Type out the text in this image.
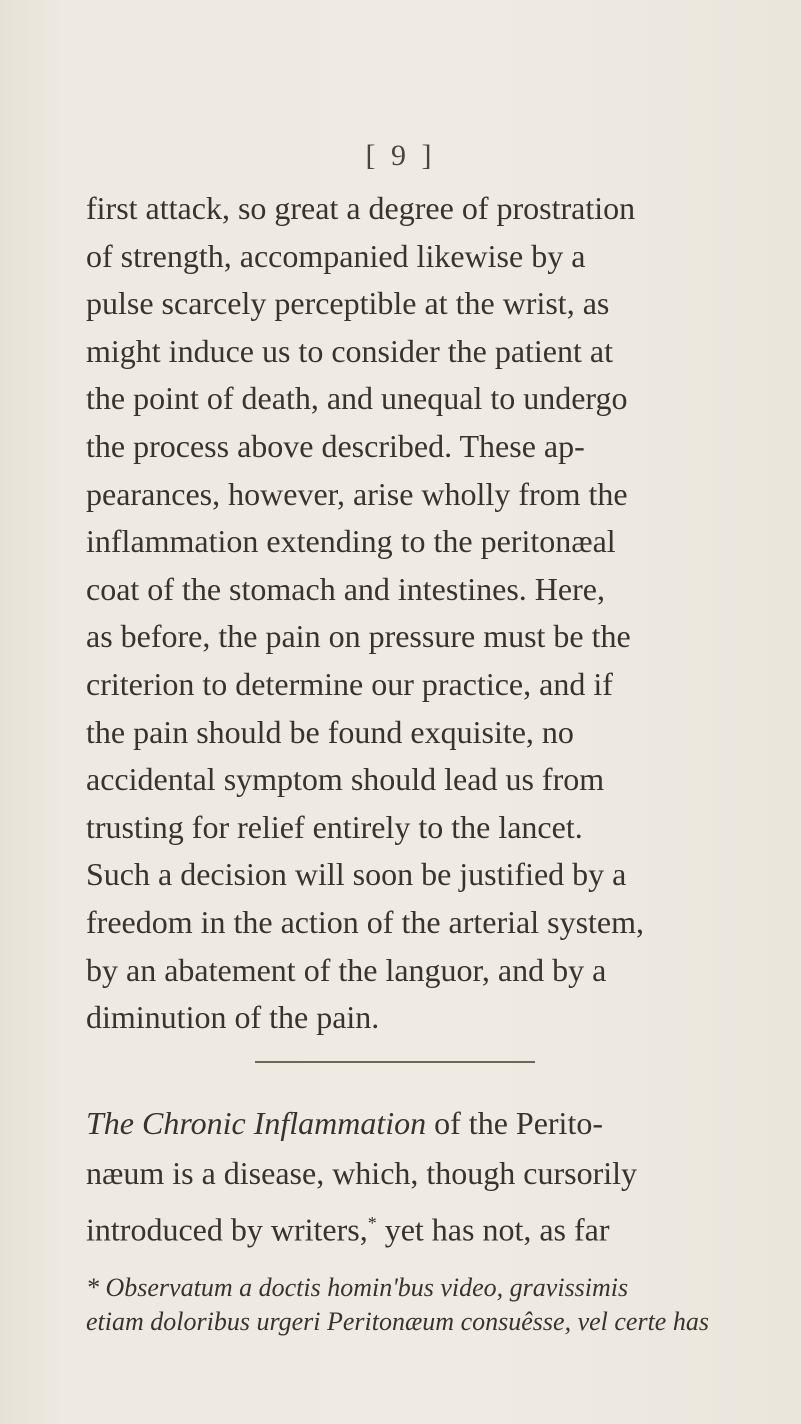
[ 9 ]
first attack, so great a degree of prostration
of strength, accompanied likewise by a
pulse scarcely perceptible at the wrist, as
might induce us to consider the patient at
the point of death, and unequal to undergo
the process above described. These ap-
pearances, however, arise wholly from the
inflammation extending to the peritonæal
coat of the stomach and intestines. Here,
as before, the pain on pressure must be the
criterion to determine our practice, and if
the pain should be found exquisite, no
accidental symptom should lead us from
trusting for relief entirely to the lancet.
Such a decision will soon be justified by a
freedom in the action of the arterial system,
by an abatement of the languor, and by a
diminution of the pain.
The Chronic Inflammation of the Perito-
næum is a disease, which, though cursorily
introduced by writers,* yet has not, as far
* Observatum a doctis homin'bus video, gravissimis
etiam doloribus urgeri Peritonæum consuêsse, vel certe has
